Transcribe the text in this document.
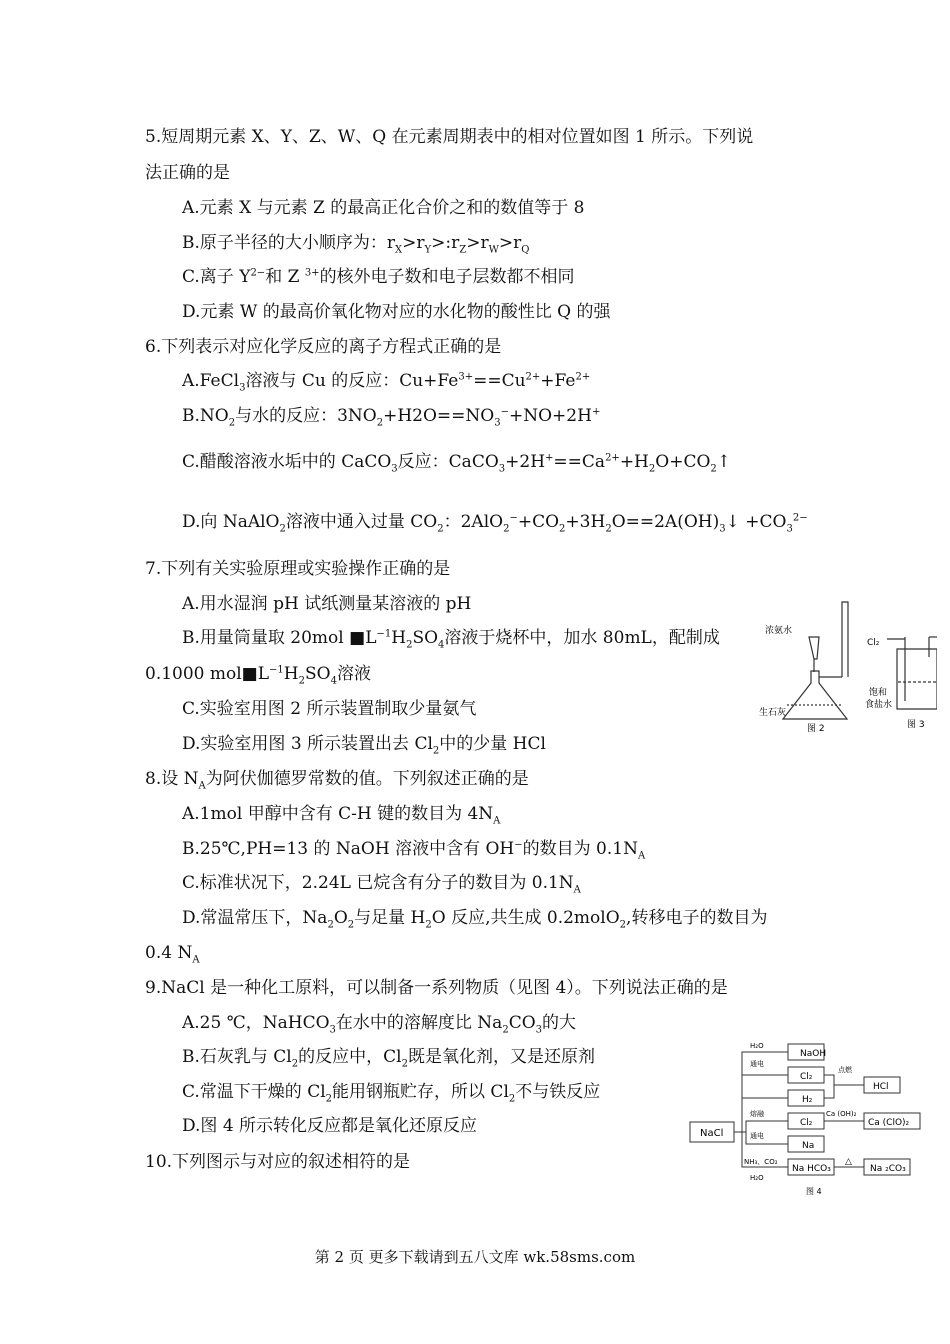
5.短周期元素 X、Y、Z、W、Q 在元素周期表中的相对位置如图 1 所示。下列说
法正确的是
A.元素 X 与元素 Z 的最高正化合价之和的数值等于 8
B.原子半径的大小顺序为：$r_X>r_Y>:r_Z>r_W>r_Q$
C.离子 $Y^{2-}$和 Z $^{3+}$的核外电子数和电子层数都不相同
D.元素 W 的最高价氧化物对应的水化物的酸性比 Q 的强
6.下列表示对应化学反应的离子方程式正确的是
A.FeCl$_3$溶液与 Cu 的反应：$Cu+Fe^{3+}==Cu^{2+}+Fe^{2+}$
$B.NO_2$与水的反应：$3NO_2+H2O==NO_3^-+NO+2H^+$
C.醋酸溶液水垢中的 CaCO$_3$反应：$CaCO_3+2H^+==Ca^{2+}+H_2O+CO_2↑$
D.向 NaAlO$_2$溶液中通入过量 $CO_2$：$2AlO_2^-+CO_2+3H_2O==2A(OH)_3↓ +CO_3^{2-}$
7.下列有关实验原理或实验操作正确的是
A.用水湿润 pH 试纸测量某溶液的 pH
B.用量筒量取 20mol $■L^{-1}H_2SO_4$溶液于烧杯中，加水 80mL，配制成
0.1000 $mol■L^{-1}H_2SO_4$溶液
C.实验室用图 2 所示装置制取少量氨气
D.实验室用图 3 所示装置出去 $Cl_2$中的少量 HCl
8.设 $N_A$为阿伏伽德罗常数的值。下列叙述正确的是
A.1mol 甲醇中含有 C-H 键的数目为 $4N_A$
B.25℃,PH=13 的 NaOH 溶液中含有 OH−的数目为 $0.1N_A$
C.标准状况下，2.24L 已烷含有分子的数目为 $0.1N_A$
D.常温常压下，$Na_2O_2$与足量 $H_2O$ 反应,共生成 0.2molO$_2$,转移电子的数目为
0.4 $N_A$
9.NaCl 是一种化工原料，可以制备一系列物质（见图 4）。下列说法正确的是
A.25 ℃，NaHCO$_3$在水中的溶解度比 $Na_2CO_3$的大
B.石灰乳与 $Cl_2$的反应中，$Cl_2$既是氧化剂，又是还原剂
C.常温下干燥的 $Cl_2$能用钢瓶贮存，所以 $Cl_2$不与铁反应
D.图 4 所示转化反应都是氧化还原反应
10.下列图示与对应的叙述相符的是
浓氨水
生石灰
图 2
Cl₂
饱和
食盐水
图 3
NaOH
Cl₂
H₂
HCl
Cl₂	Ca (ClO)₂
Na
Na HCO₃	Na ₂CO₃
NaCl
H₂O
通电
点燃
熔融
通电
Ca (OH)₂
NH₃、CO₂
H₂O
△
图 4
第 2 页 更多下载请到五八文库 wk.58sms.com
